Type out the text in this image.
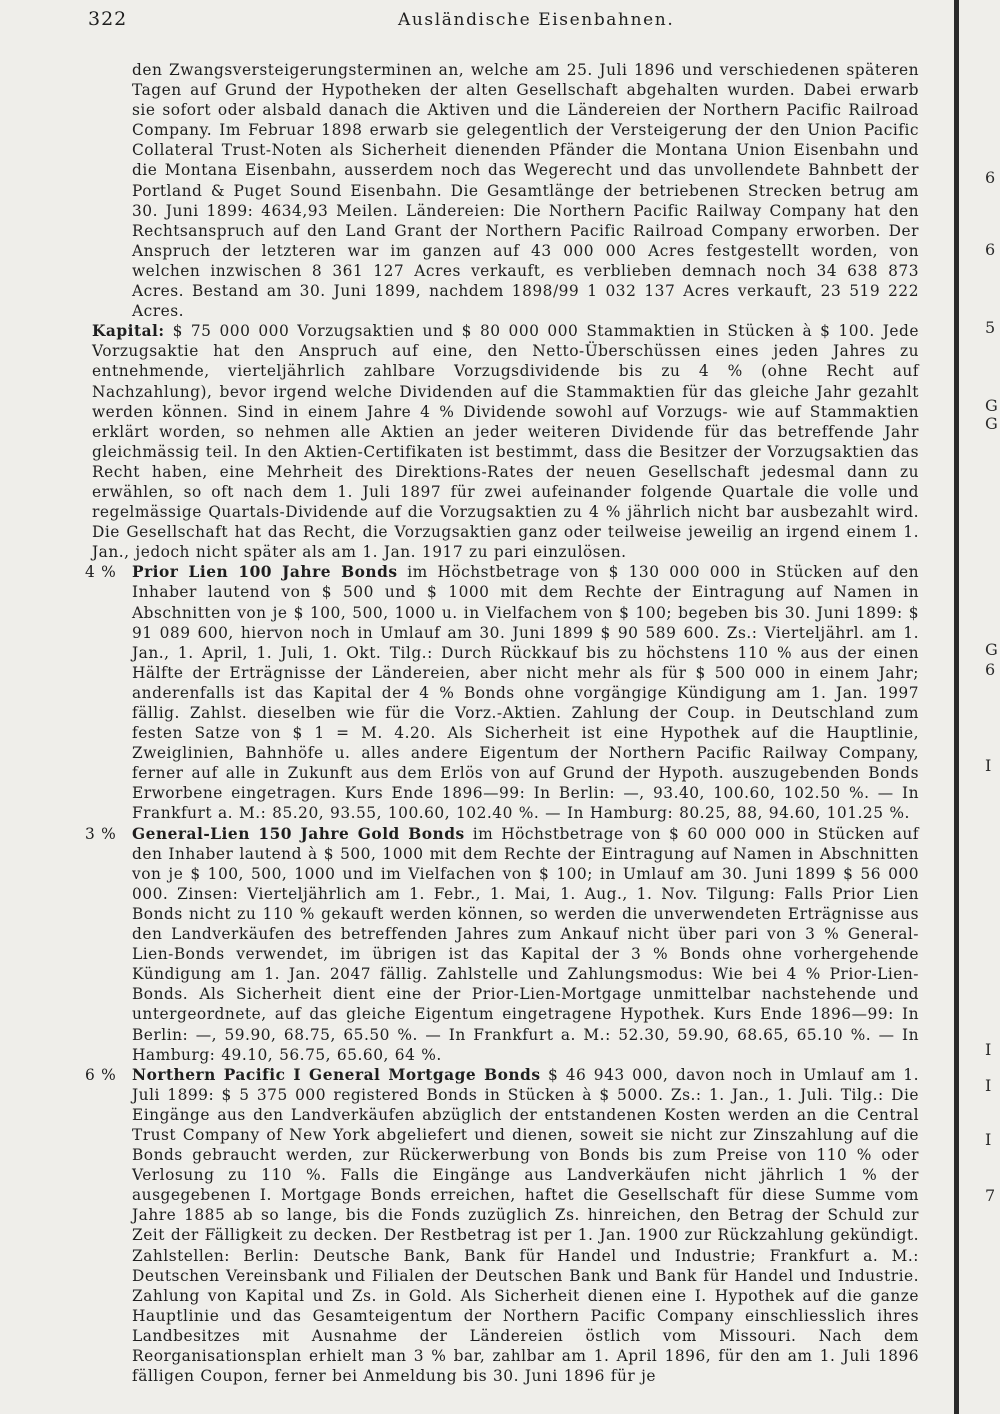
322	Ausländische Eisenbahnen.

den Zwangsversteigerungsterminen an, welche am 25. Juli 1896 und verschiedenen späteren Tagen auf Grund der Hypotheken der alten Gesellschaft abgehalten wurden. Dabei erwarb sie sofort oder alsbald danach die Aktiven und die Ländereien der Northern Pacific Railroad Company. Im Februar 1898 erwarb sie gelegentlich der Versteigerung der den Union Pacific Collateral Trust-Noten als Sicherheit dienenden Pfänder die Montana Union Eisenbahn und die Montana Eisenbahn, ausserdem noch das Wegerecht und das unvollendete Bahnbett der Portland & Puget Sound Eisenbahn. Die Gesamtlänge der betriebenen Strecken betrug am 30. Juni 1899: 4634,93 Meilen. Ländereien: Die Northern Pacific Railway Company hat den Rechtsanspruch auf den Land Grant der Northern Pacific Railroad Company erworben. Der Anspruch der letzteren war im ganzen auf 43 000 000 Acres festgestellt worden, von welchen inzwischen 8 361 127 Acres verkauft, es verblieben demnach noch 34 638 873 Acres. Bestand am 30. Juni 1899, nachdem 1898/99 1 032 137 Acres verkauft, 23 519 222 Acres.

Kapital: $ 75 000 000 Vorzugsaktien und $ 80 000 000 Stammaktien in Stücken à $ 100. Jede Vorzugsaktie hat den Anspruch auf eine, den Netto-Überschüssen eines jeden Jahres zu entnehmende, vierteljährlich zahlbare Vorzugsdividende bis zu 4 % (ohne Recht auf Nachzahlung), bevor irgend welche Dividenden auf die Stammaktien für das gleiche Jahr gezahlt werden können. Sind in einem Jahre 4 % Dividende sowohl auf Vorzugs- wie auf Stammaktien erklärt worden, so nehmen alle Aktien an jeder weiteren Dividende für das betreffende Jahr gleichmässig teil. In den Aktien-Certifikaten ist bestimmt, dass die Besitzer der Vorzugsaktien das Recht haben, eine Mehrheit des Direktions-Rates der neuen Gesellschaft jedesmal dann zu erwählen, so oft nach dem 1. Juli 1897 für zwei aufeinander folgende Quartale die volle und regelmässige Quartals-Dividende auf die Vorzugsaktien zu 4 % jährlich nicht bar ausbezahlt wird. Die Gesellschaft hat das Recht, die Vorzugsaktien ganz oder teilweise jeweilig an irgend einem 1. Jan., jedoch nicht später als am 1. Jan. 1917 zu pari einzulösen.

4 % Prior Lien 100 Jahre Bonds im Höchstbetrage von $ 130 000 000 in Stücken auf den Inhaber lautend von $ 500 und $ 1000 mit dem Rechte der Eintragung auf Namen in Abschnitten von je $ 100, 500, 1000 u. in Vielfachem von $ 100; begeben bis 30. Juni 1899: $ 91 089 600, hiervon noch in Umlauf am 30. Juni 1899 $ 90 589 600. Zs.: Vierteljährl. am 1. Jan., 1. April, 1. Juli, 1. Okt. Tilg.: Durch Rückkauf bis zu höchstens 110 % aus der einen Hälfte der Erträgnisse der Ländereien, aber nicht mehr als für $ 500 000 in einem Jahr; anderenfalls ist das Kapital der 4 % Bonds ohne vorgängige Kündigung am 1. Jan. 1997 fällig. Zahlst. dieselben wie für die Vorz.-Aktien. Zahlung der Coup. in Deutschland zum festen Satze von $ 1 = M. 4.20. Als Sicherheit ist eine Hypothek auf die Hauptlinie, Zweiglinien, Bahnhöfe u. alles andere Eigentum der Northern Pacific Railway Company, ferner auf alle in Zukunft aus dem Erlös von auf Grund der Hypoth. auszugebenden Bonds Erworbene eingetragen. Kurs Ende 1896—99: In Berlin: —, 93.40, 100.60, 102.50 %. — In Frankfurt a. M.: 85.20, 93.55, 100.60, 102.40 %. — In Hamburg: 80.25, 88, 94.60, 101.25 %.

3 % General-Lien 150 Jahre Gold Bonds im Höchstbetrage von $ 60 000 000 in Stücken auf den Inhaber lautend à $ 500, 1000 mit dem Rechte der Eintragung auf Namen in Abschnitten von je $ 100, 500, 1000 und im Vielfachen von $ 100; in Umlauf am 30. Juni 1899 $ 56 000 000. Zinsen: Vierteljährlich am 1. Febr., 1. Mai, 1. Aug., 1. Nov. Tilgung: Falls Prior Lien Bonds nicht zu 110 % gekauft werden können, so werden die unverwendeten Erträgnisse aus den Landverkäufen des betreffenden Jahres zum Ankauf nicht über pari von 3 % General-Lien-Bonds verwendet, im übrigen ist das Kapital der 3 % Bonds ohne vorhergehende Kündigung am 1. Jan. 2047 fällig. Zahlstelle und Zahlungsmodus: Wie bei 4 % Prior-Lien-Bonds. Als Sicherheit dient eine der Prior-Lien-Mortgage unmittelbar nachstehende und untergeordnete, auf das gleiche Eigentum eingetragene Hypothek. Kurs Ende 1896—99: In Berlin: —, 59.90, 68.75, 65.50 %. — In Frankfurt a. M.: 52.30, 59.90, 68.65, 65.10 %. — In Hamburg: 49.10, 56.75, 65.60, 64 %.

6 % Northern Pacific I General Mortgage Bonds $ 46 943 000, davon noch in Umlauf am 1. Juli 1899: $ 5 375 000 registered Bonds in Stücken à $ 5000. Zs.: 1. Jan., 1. Juli. Tilg.: Die Eingänge aus den Landverkäufen abzüglich der entstandenen Kosten werden an die Central Trust Company of New York abgeliefert und dienen, soweit sie nicht zur Zinszahlung auf die Bonds gebraucht werden, zur Rückerwerbung von Bonds bis zum Preise von 110 % oder Verlosung zu 110 %. Falls die Eingänge aus Landverkäufen nicht jährlich 1 % der ausgegebenen I. Mortgage Bonds erreichen, haftet die Gesellschaft für diese Summe vom Jahre 1885 ab so lange, bis die Fonds zuzüglich Zs. hinreichen, den Betrag der Schuld zur Zeit der Fälligkeit zu decken. Der Restbetrag ist per 1. Jan. 1900 zur Rückzahlung gekündigt. Zahlstellen: Berlin: Deutsche Bank, Bank für Handel und Industrie; Frankfurt a. M.: Deutschen Vereinsbank und Filialen der Deutschen Bank und Bank für Handel und Industrie. Zahlung von Kapital und Zs. in Gold. Als Sicherheit dienen eine I. Hypothek auf die ganze Hauptlinie und das Gesamteigentum der Northern Pacific Company einschliesslich ihres Landbesitzes mit Ausnahme der Ländereien östlich vom Missouri. Nach dem Reorganisationsplan erhielt man 3 % bar, zahlbar am 1. April 1896, für den am 1. Juli 1896 fälligen Coupon, ferner bei Anmeldung bis 30. Juni 1896 für je

6
6
5
G
G
G
6
I
I
I
I
7
